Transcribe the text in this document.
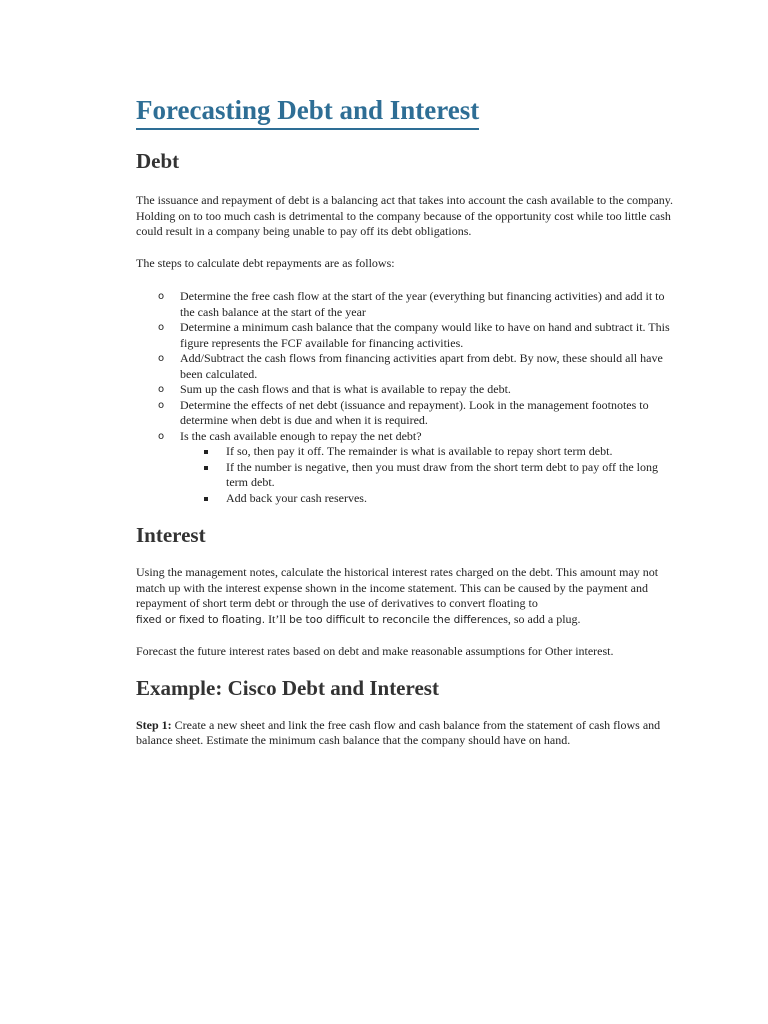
Forecasting Debt and Interest
Debt

The issuance and repayment of debt is a balancing act that takes into account the cash available to the company. Holding on to too much cash is detrimental to the company because of the opportunity cost while too little cash could result in a company being unable to pay off its debt obligations.

The steps to calculate debt repayments are as follows:

o Determine the free cash flow at the start of the year (everything but financing activities) and add it to the cash balance at the start of the year
o Determine a minimum cash balance that the company would like to have on hand and subtract it. This figure represents the FCF available for financing activities.
o Add/Subtract the cash flows from financing activities apart from debt. By now, these should all have been calculated.
o Sum up the cash flows and that is what is available to repay the debt.
o Determine the effects of net debt (issuance and repayment). Look in the management footnotes to determine when debt is due and when it is required.
o Is the cash available enough to repay the net debt?
If so, then pay it off. The remainder is what is available to repay short term debt.
If the number is negative, then you must draw from the short term debt to pay off the long term debt.
Add back your cash reserves.
Interest

Using the management notes, calculate the historical interest rates charged on the debt. This amount may not match up with the interest expense shown in the income statement. This can be caused by the payment and repayment of short term debt or through the use of derivatives to convert floating to
fixed or fixed to floating. It’ll be too difficult to reconcile the differences, so add a plug.

Forecast the future interest rates based on debt and make reasonable assumptions for Other interest.

Example: Cisco Debt and Interest

Step 1: Create a new sheet and link the free cash flow and cash balance from the statement of cash flows and balance sheet. Estimate the minimum cash balance that the company should have on hand.
